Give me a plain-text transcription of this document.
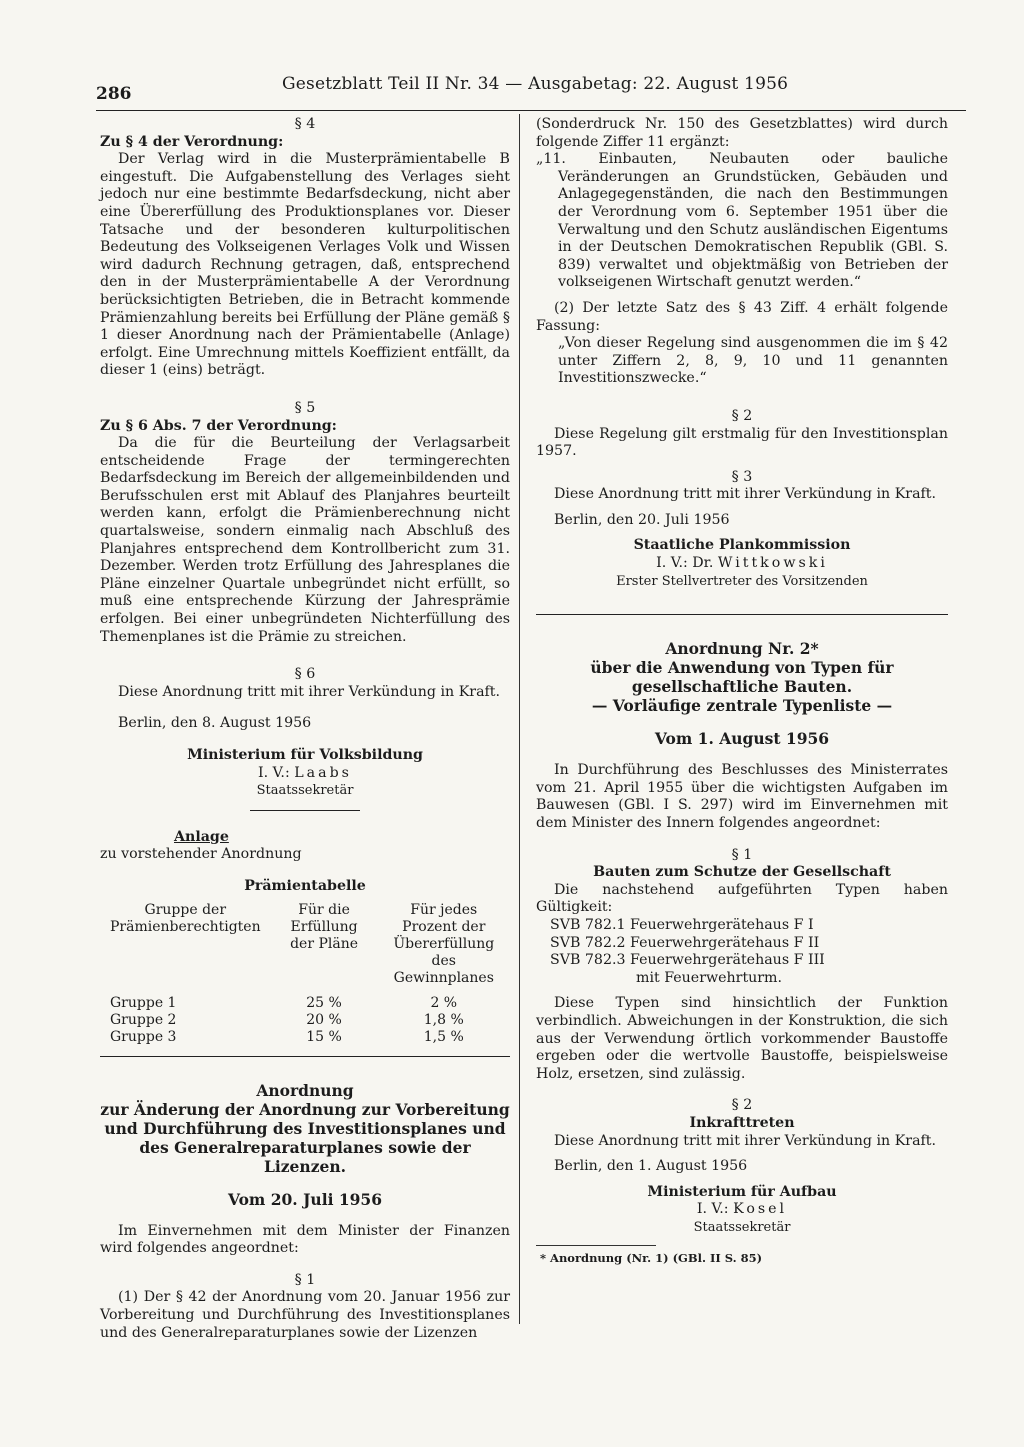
286	Gesetzblatt Teil II Nr. 34 — Ausgabetag: 22. August 1956

§ 4

Zu § 4 der Verordnung:

Der Verlag wird in die Musterprämientabelle B eingestuft. Die Aufgabenstellung des Verlages sieht jedoch nur eine bestimmte Bedarfsdeckung, nicht aber eine Übererfüllung des Produktionsplanes vor. Dieser Tatsache und der besonderen kulturpolitischen Bedeutung des Volkseigenen Verlages Volk und Wissen wird dadurch Rechnung getragen, daß, entsprechend den in der Musterprämientabelle A der Verordnung berücksichtigten Betrieben, die in Betracht kommende Prämienzahlung bereits bei Erfüllung der Pläne gemäß § 1 dieser Anordnung nach der Prämientabelle (Anlage) erfolgt. Eine Umrechnung mittels Koeffizient entfällt, da dieser 1 (eins) beträgt.

§ 5

Zu § 6 Abs. 7 der Verordnung:

Da die für die Beurteilung der Verlagsarbeit entscheidende Frage der termingerechten Bedarfsdeckung im Bereich der allgemeinbildenden und Berufsschulen erst mit Ablauf des Planjahres beurteilt werden kann, erfolgt die Prämienberechnung nicht quartalsweise, sondern einmalig nach Abschluß des Planjahres entsprechend dem Kontrollbericht zum 31. Dezember. Werden trotz Erfüllung des Jahresplanes die Pläne einzelner Quartale unbegründet nicht erfüllt, so muß eine entsprechende Kürzung der Jahresprämie erfolgen. Bei einer unbegründeten Nichterfüllung des Themenplanes ist die Prämie zu streichen.

§ 6

Diese Anordnung tritt mit ihrer Verkündung in Kraft.

Berlin, den 8. August 1956

Ministerium für Volksbildung
I. V.: Laabs
Staatssekretär

Anlage

zu vorstehender Anordnung

Prämientabelle

Gruppe der Prämienberechtigten	Für die Erfüllung der Pläne	Für jedes Prozent der Übererfüllung des Gewinnplanes

Gruppe 1	25 %	2 %
Gruppe 2	20 %	1,8 %
Gruppe 3	15 %	1,5 %

Anordnung

zur Änderung der Anordnung zur Vorbereitung und Durchführung des Investitionsplanes und des Generalreparaturplanes sowie der Lizenzen.

Vom 20. Juli 1956

Im Einvernehmen mit dem Minister der Finanzen wird folgendes angeordnet:

§ 1

(1) Der § 42 der Anordnung vom 20. Januar 1956 zur Vorbereitung und Durchführung des Investitionsplanes und des Generalreparaturplanes sowie der Lizenzen

(Sonderdruck Nr. 150 des Gesetzblattes) wird durch folgende Ziffer 11 ergänzt:

„11. Einbauten, Neubauten oder bauliche Veränderungen an Grundstücken, Gebäuden und Anlagegegenständen, die nach den Bestimmungen der Verordnung vom 6. September 1951 über die Verwaltung und den Schutz ausländischen Eigentums in der Deutschen Demokratischen Republik (GBl. S. 839) verwaltet und objektmäßig von Betrieben der volkseigenen Wirtschaft genutzt werden.“

(2) Der letzte Satz des § 43 Ziff. 4 erhält folgende Fassung:

„Von dieser Regelung sind ausgenommen die im § 42 unter Ziffern 2, 8, 9, 10 und 11 genannten Investitionszwecke.“

§ 2

Diese Regelung gilt erstmalig für den Investitionsplan 1957.

§ 3

Diese Anordnung tritt mit ihrer Verkündung in Kraft.

Berlin, den 20. Juli 1956

Staatliche Plankommission
I. V.: Dr. Wittkowski
Erster Stellvertreter des Vorsitzenden

Anordnung Nr. 2*

über die Anwendung von Typen für gesellschaftliche Bauten.

— Vorläufige zentrale Typenliste —

Vom 1. August 1956

In Durchführung des Beschlusses des Ministerrates vom 21. April 1955 über die wichtigsten Aufgaben im Bauwesen (GBl. I S. 297) wird im Einvernehmen mit dem Minister des Innern folgendes angeordnet:

§ 1

Bauten zum Schutze der Gesellschaft

Die nachstehend aufgeführten Typen haben Gültigkeit:

SVB 782.1 Feuerwehrgerätehaus F I
SVB 782.2 Feuerwehrgerätehaus F II
SVB 782.3 Feuerwehrgerätehaus F III
mit Feuerwehrturm.

Diese Typen sind hinsichtlich der Funktion verbindlich. Abweichungen in der Konstruktion, die sich aus der Verwendung örtlich vorkommender Baustoffe ergeben oder die wertvolle Baustoffe, beispielsweise Holz, ersetzen, sind zulässig.

§ 2

Inkrafttreten

Diese Anordnung tritt mit ihrer Verkündung in Kraft.

Berlin, den 1. August 1956

Ministerium für Aufbau
I. V.: Kosel
Staatssekretär
* Anordnung (Nr. 1) (GBl. II S. 85)
